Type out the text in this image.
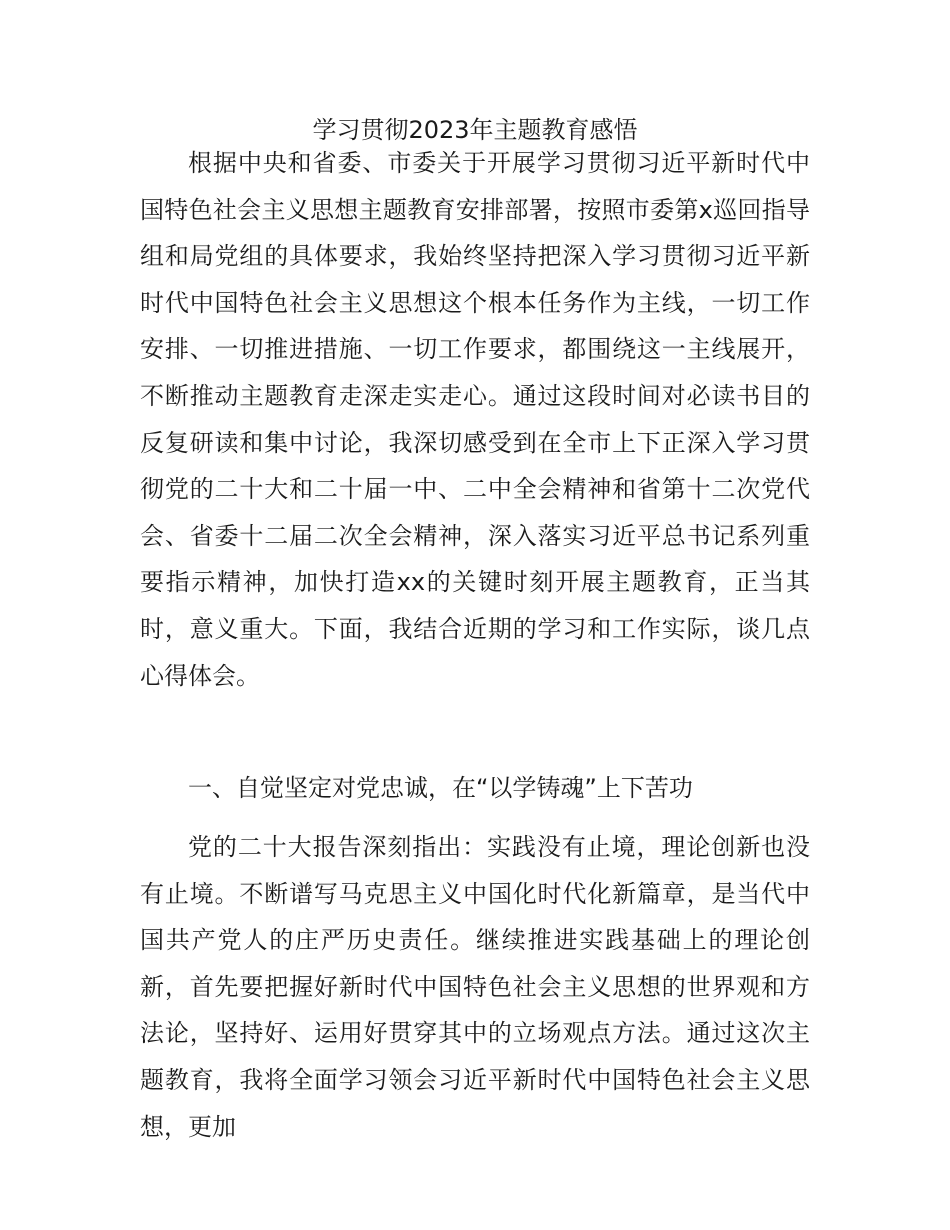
学习贯彻2023年主题教育感悟

根据中央和省委、市委关于开展学习贯彻习近平新时代中国特色社会主义思想主题教育安排部署，按照市委第x巡回指导组和局党组的具体要求，我始终坚持把深入学习贯彻习近平新时代中国特色社会主义思想这个根本任务作为主线，一切工作安排、一切推进措施、一切工作要求，都围绕这一主线展开，不断推动主题教育走深走实走心。通过这段时间对必读书目的反复研读和集中讨论，我深切感受到在全市上下正深入学习贯彻党的二十大和二十届一中、二中全会精神和省第十二次党代会、省委十二届二次全会精神，深入落实习近平总书记系列重要指示精神，加快打造xx的关键时刻开展主题教育，正当其时，意义重大。下面，我结合近期的学习和工作实际，谈几点心得体会。

一、自觉坚定对党忠诚，在“以学铸魂”上下苦功

党的二十大报告深刻指出：实践没有止境，理论创新也没有止境。不断谱写马克思主义中国化时代化新篇章，是当代中国共产党人的庄严历史责任。继续推进实践基础上的理论创新，首先要把握好新时代中国特色社会主义思想的世界观和方法论，坚持好、运用好贯穿其中的立场观点方法。通过这次主题教育，我将全面学习领会习近平新时代中国特色社会主义思想，更加
